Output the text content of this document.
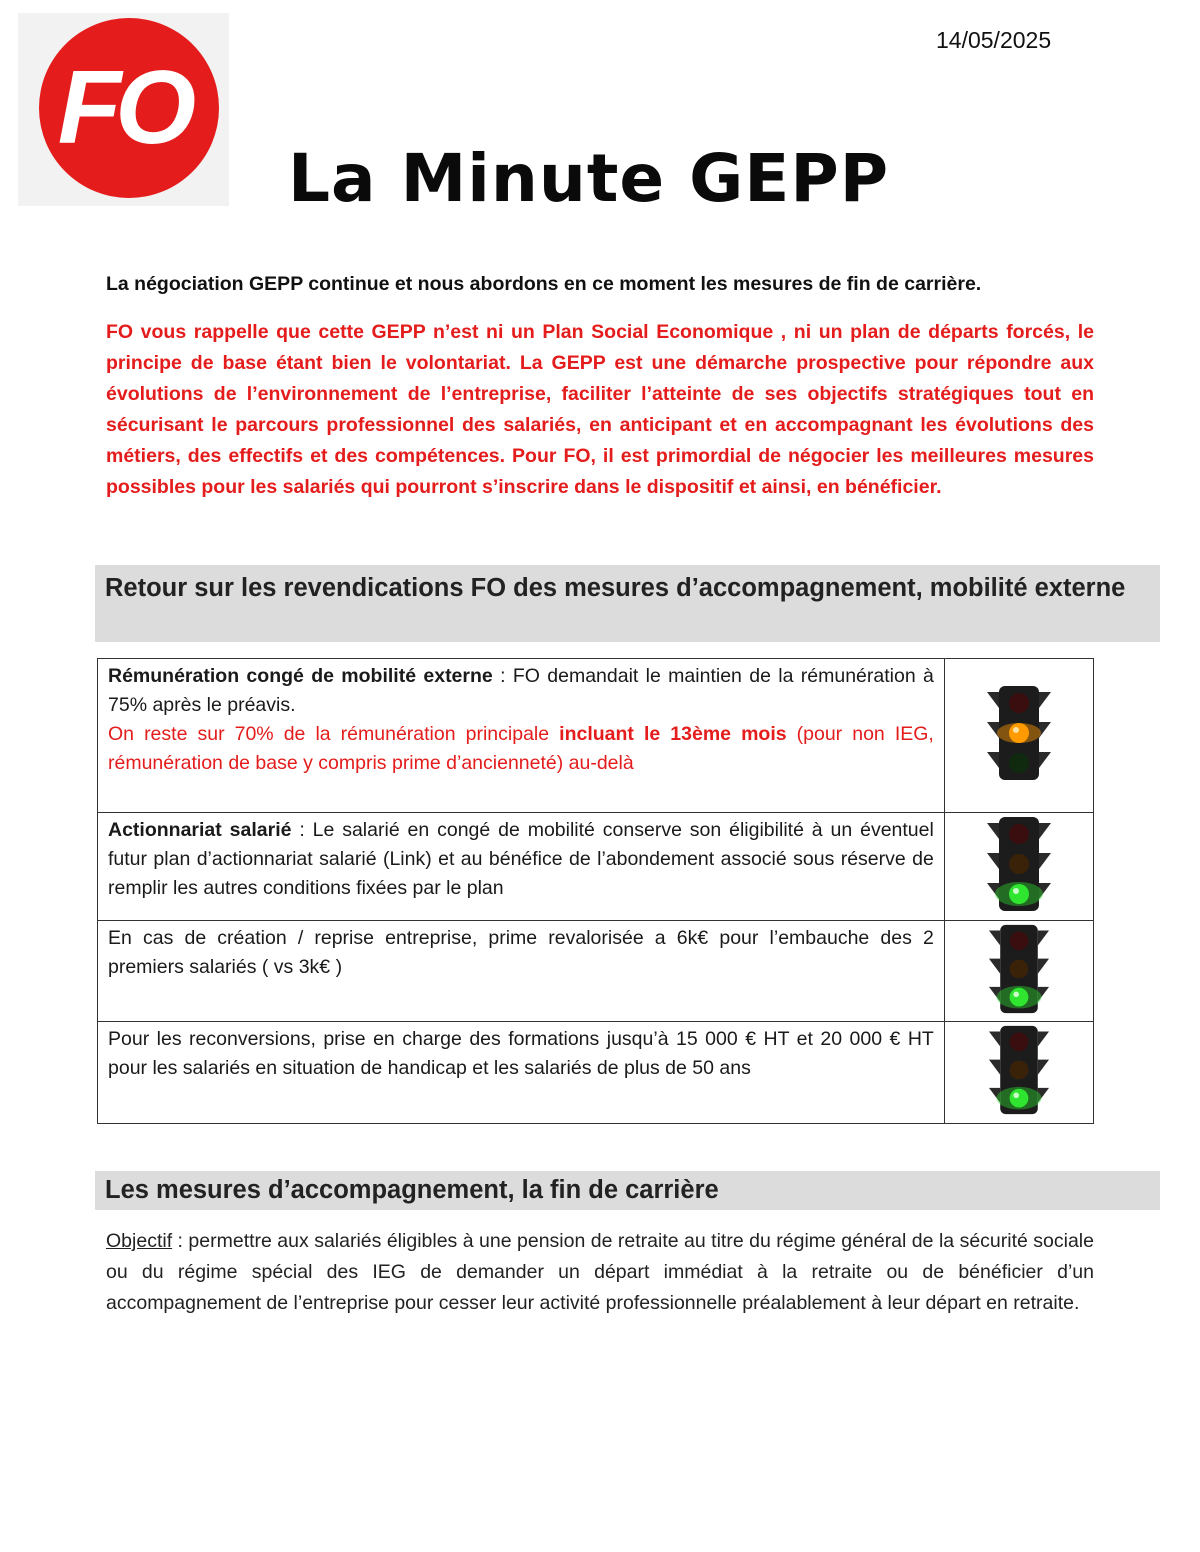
FO
14/05/2025
La Minute GEPP
La négociation GEPP continue et nous abordons en ce moment les mesures de fin de carrière.

FO vous rappelle que cette GEPP n’est ni un Plan Social Economique , ni un plan de départs forcés, le principe de base étant bien le volontariat. La GEPP est une démarche prospective pour répondre aux évolutions de l’environnement de l’entreprise, faciliter l’atteinte de ses objectifs stratégiques tout en sécurisant le parcours professionnel des salariés, en anticipant et en accompagnant les évolutions des métiers, des effectifs et des compétences. Pour FO, il est primordial de négocier les meilleures mesures possibles pour les salariés qui pourront s’inscrire dans le dispositif et ainsi, en bénéficier.

Retour sur les revendications FO des mesures d’accompagnement, mobilité externe
Rémunération congé de mobilité externe : FO demandait le maintien de la rémunération à 75% après le préavis.
On reste sur 70% de la rémunération principale incluant le 13ème mois (pour non IEG, rémunération de base y compris prime d’ancienneté) au-delà	
Actionnariat salarié : Le salarié en congé de mobilité conserve son éligibilité à un éventuel futur plan d’actionnariat salarié (Link) et au bénéfice de l’abondement associé sous réserve de remplir les autres conditions fixées par le plan	
En cas de création / reprise entreprise, prime revalorisée a 6k€ pour l’embauche des 2 premiers salariés ( vs 3k€ )	
Pour les reconversions, prise en charge des formations jusqu’à 15 000 € HT et 20 000 € HT pour les salariés en situation de handicap et les salariés de plus de 50 ans	
Les mesures d’accompagnement, la fin de carrière

Objectif : permettre aux salariés éligibles à une pension de retraite au titre du régime général de la sécurité sociale ou du régime spécial des IEG de demander un départ immédiat à la retraite ou de bénéficier d’un accompagnement de l’entreprise pour cesser leur activité professionnelle préalablement à leur départ en retraite.
